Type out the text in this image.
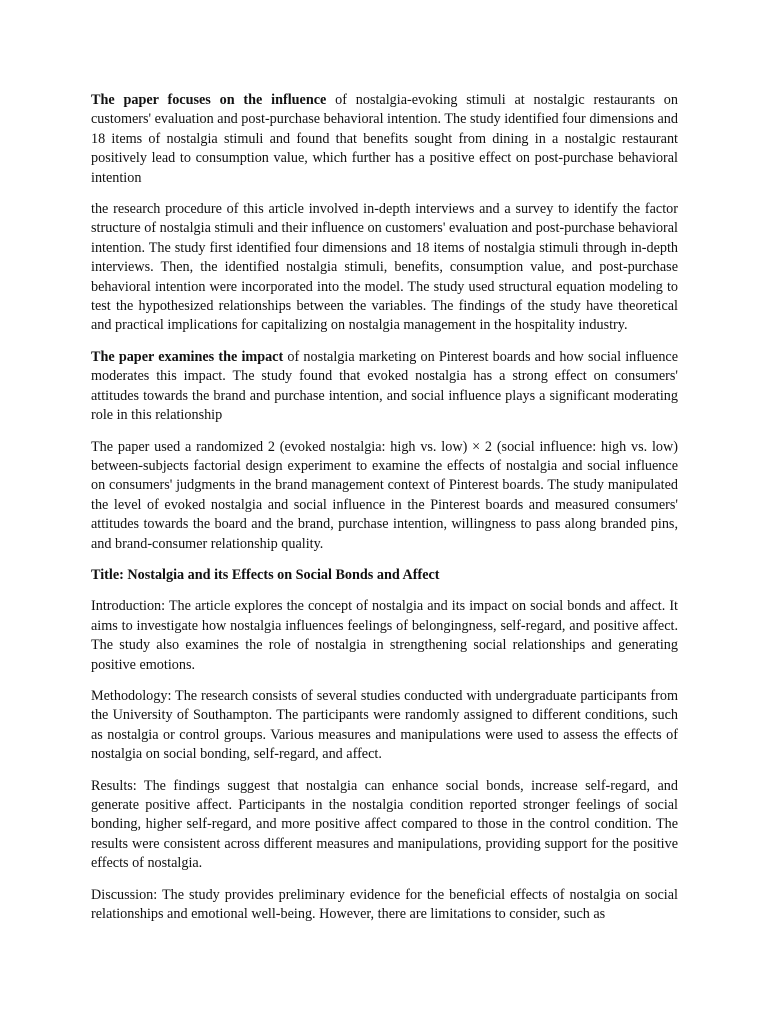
The paper focuses on the influence of nostalgia-evoking stimuli at nostalgic restaurants on customers' evaluation and post-purchase behavioral intention. The study identified four dimensions and 18 items of nostalgia stimuli and found that benefits sought from dining in a nostalgic restaurant positively lead to consumption value, which further has a positive effect on post-purchase behavioral intention

the research procedure of this article involved in-depth interviews and a survey to identify the factor structure of nostalgia stimuli and their influence on customers' evaluation and post-purchase behavioral intention. The study first identified four dimensions and 18 items of nostalgia stimuli through in-depth interviews. Then, the identified nostalgia stimuli, benefits, consumption value, and post-purchase behavioral intention were incorporated into the model. The study used structural equation modeling to test the hypothesized relationships between the variables. The findings of the study have theoretical and practical implications for capitalizing on nostalgia management in the hospitality industry.

The paper examines the impact of nostalgia marketing on Pinterest boards and how social influence moderates this impact. The study found that evoked nostalgia has a strong effect on consumers' attitudes towards the brand and purchase intention, and social influence plays a significant moderating role in this relationship

The paper used a randomized 2 (evoked nostalgia: high vs. low) × 2 (social influence: high vs. low) between-subjects factorial design experiment to examine the effects of nostalgia and social influence on consumers' judgments in the brand management context of Pinterest boards. The study manipulated the level of evoked nostalgia and social influence in the Pinterest boards and measured consumers' attitudes towards the board and the brand, purchase intention, willingness to pass along branded pins, and brand-consumer relationship quality.

Title: Nostalgia and its Effects on Social Bonds and Affect

Introduction: The article explores the concept of nostalgia and its impact on social bonds and affect. It aims to investigate how nostalgia influences feelings of belongingness, self-regard, and positive affect. The study also examines the role of nostalgia in strengthening social relationships and generating positive emotions.

Methodology: The research consists of several studies conducted with undergraduate participants from the University of Southampton. The participants were randomly assigned to different conditions, such as nostalgia or control groups. Various measures and manipulations were used to assess the effects of nostalgia on social bonding, self-regard, and affect.

Results: The findings suggest that nostalgia can enhance social bonds, increase self-regard, and generate positive affect. Participants in the nostalgia condition reported stronger feelings of social bonding, higher self-regard, and more positive affect compared to those in the control condition. The results were consistent across different measures and manipulations, providing support for the positive effects of nostalgia.

Discussion: The study provides preliminary evidence for the beneficial effects of nostalgia on social relationships and emotional well-being. However, there are limitations to consider, such as
